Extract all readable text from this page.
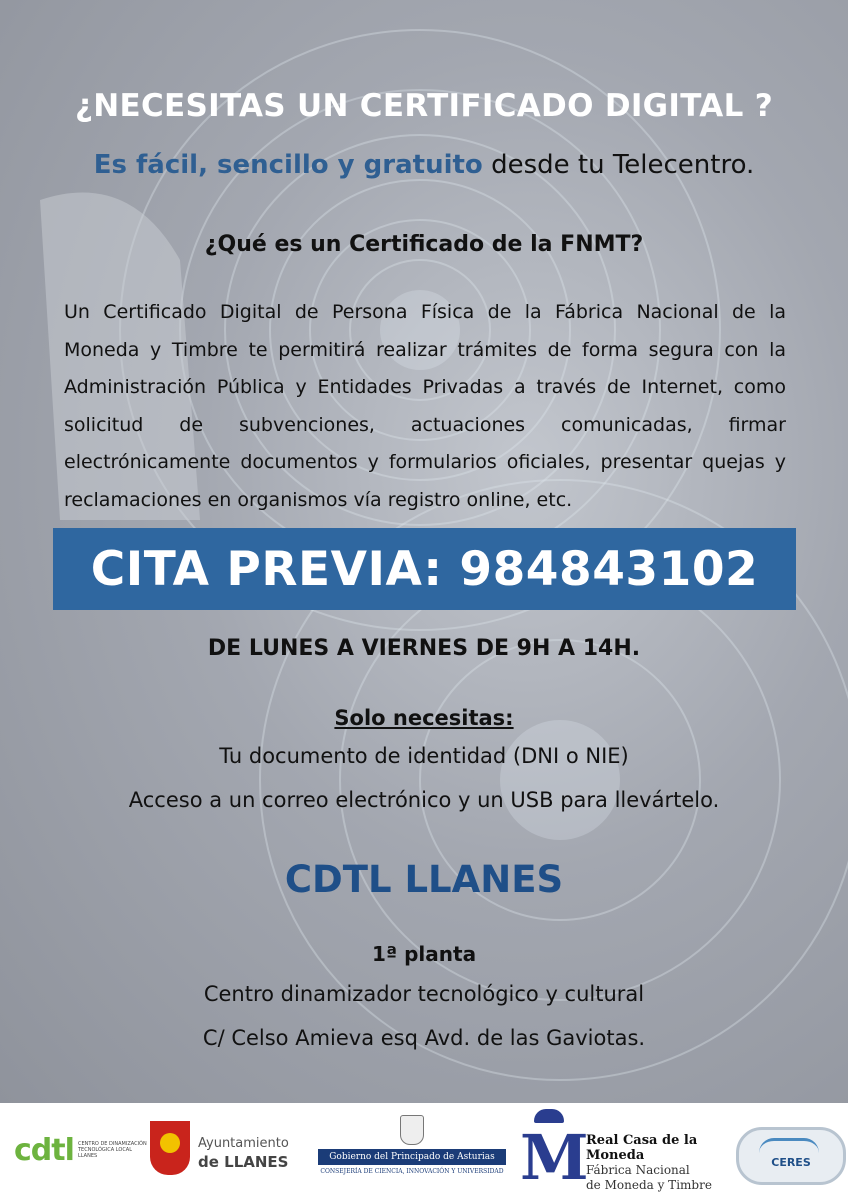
¿NECESITAS UN CERTIFICADO DIGITAL ?
Es fácil, sencillo y gratuito desde tu Telecentro.
¿Qué es un Certificado de la FNMT?

Un Certificado Digital de Persona Física de la Fábrica Nacional de la Moneda y Timbre te permitirá realizar trámites de forma segura con la Administración Pública y Entidades Privadas a través de Internet, como solicitud de subvenciones, actuaciones comunicadas, firmar electrónicamente documentos y formularios oficiales, presentar quejas y reclamaciones en organismos vía registro online, etc.

CITA PREVIA: 984843102
DE LUNES A VIERNES DE 9H A 14H.
Solo necesitas:
Tu documento de identidad (DNI o NIE)
Acceso a un correo electrónico y un USB para llevártelo.
CDTL LLANES
1ª planta
Centro dinamizador tecnológico y cultural
C/ Celso Amieva esq Avd. de las Gaviotas.
cdtl CENTRO DE DINAMIZACIÓN TECNOLÓGICA LOCAL LLANES
Ayuntamiento
de LLANES	Gobierno del Principado de Asturias
CONSEJERÍA DE CIENCIA, INNOVACIÓN Y UNIVERSIDAD M
Real Casa de la Moneda
Fábrica Nacional
de Moneda y Timbre
CERES
